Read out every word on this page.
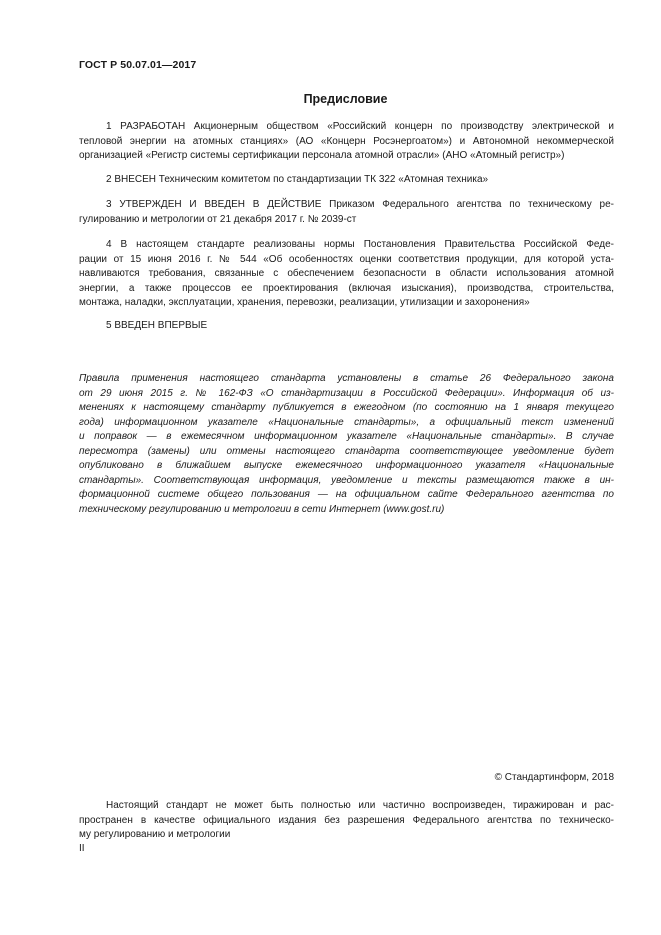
ГОСТ Р 50.07.01—2017
Предисловие
1 РАЗРАБОТАН Акционерным обществом «Российский концерн по производству электрической и
тепловой энергии на атомных станциях» (АО «Концерн Росэнергоатом») и Автономной некоммерческой
организацией «Регистр системы сертификации персонала атомной отрасли» (АНО «Атомный регистр»)
2 ВНЕСЕН Техническим комитетом по стандартизации ТК 322 «Атомная техника»
3 УТВЕРЖДЕН И ВВЕДЕН В ДЕЙСТВИЕ Приказом Федерального агентства по техническому ре-
гулированию и метрологии от 21 декабря 2017 г. № 2039-ст
4 В настоящем стандарте реализованы нормы Постановления Правительства Российской Феде-
рации от 15 июня 2016 г. № 544 «Об особенностях оценки соответствия продукции, для которой уста-
навливаются требования, связанные с обеспечением безопасности в области использования атомной
энергии, а также процессов ее проектирования (включая изыскания), производства, строительства,
монтажа, наладки, эксплуатации, хранения, перевозки, реализации, утилизации и захоронения»
5 ВВЕДЕН ВПЕРВЫЕ
Правила применения настоящего стандарта установлены в статье 26 Федерального закона
от 29 июня 2015 г. № 162-ФЗ «О стандартизации в Российской Федерации». Информация об из-
менениях к настоящему стандарту публикуется в ежегодном (по состоянию на 1 января текущего
года) информационном указателе «Национальные стандарты», а официальный текст изменений
и поправок — в ежемесячном информационном указателе «Национальные стандарты». В случае
пересмотра (замены) или отмены настоящего стандарта соответствующее уведомление будет
опубликовано в ближайшем выпуске ежемесячного информационного указателя «Национальные
стандарты». Соответствующая информация, уведомление и тексты размещаются также в ин-
формационной системе общего пользования — на официальном сайте Федерального агентства по
техническому регулированию и метрологии в сети Интернет (www.gost.ru)
© Стандартинформ, 2018
Настоящий стандарт не может быть полностью или частично воспроизведен, тиражирован и рас-
пространен в качестве официального издания без разрешения Федерального агентства по техническо-
му регулированию и метрологии
II
